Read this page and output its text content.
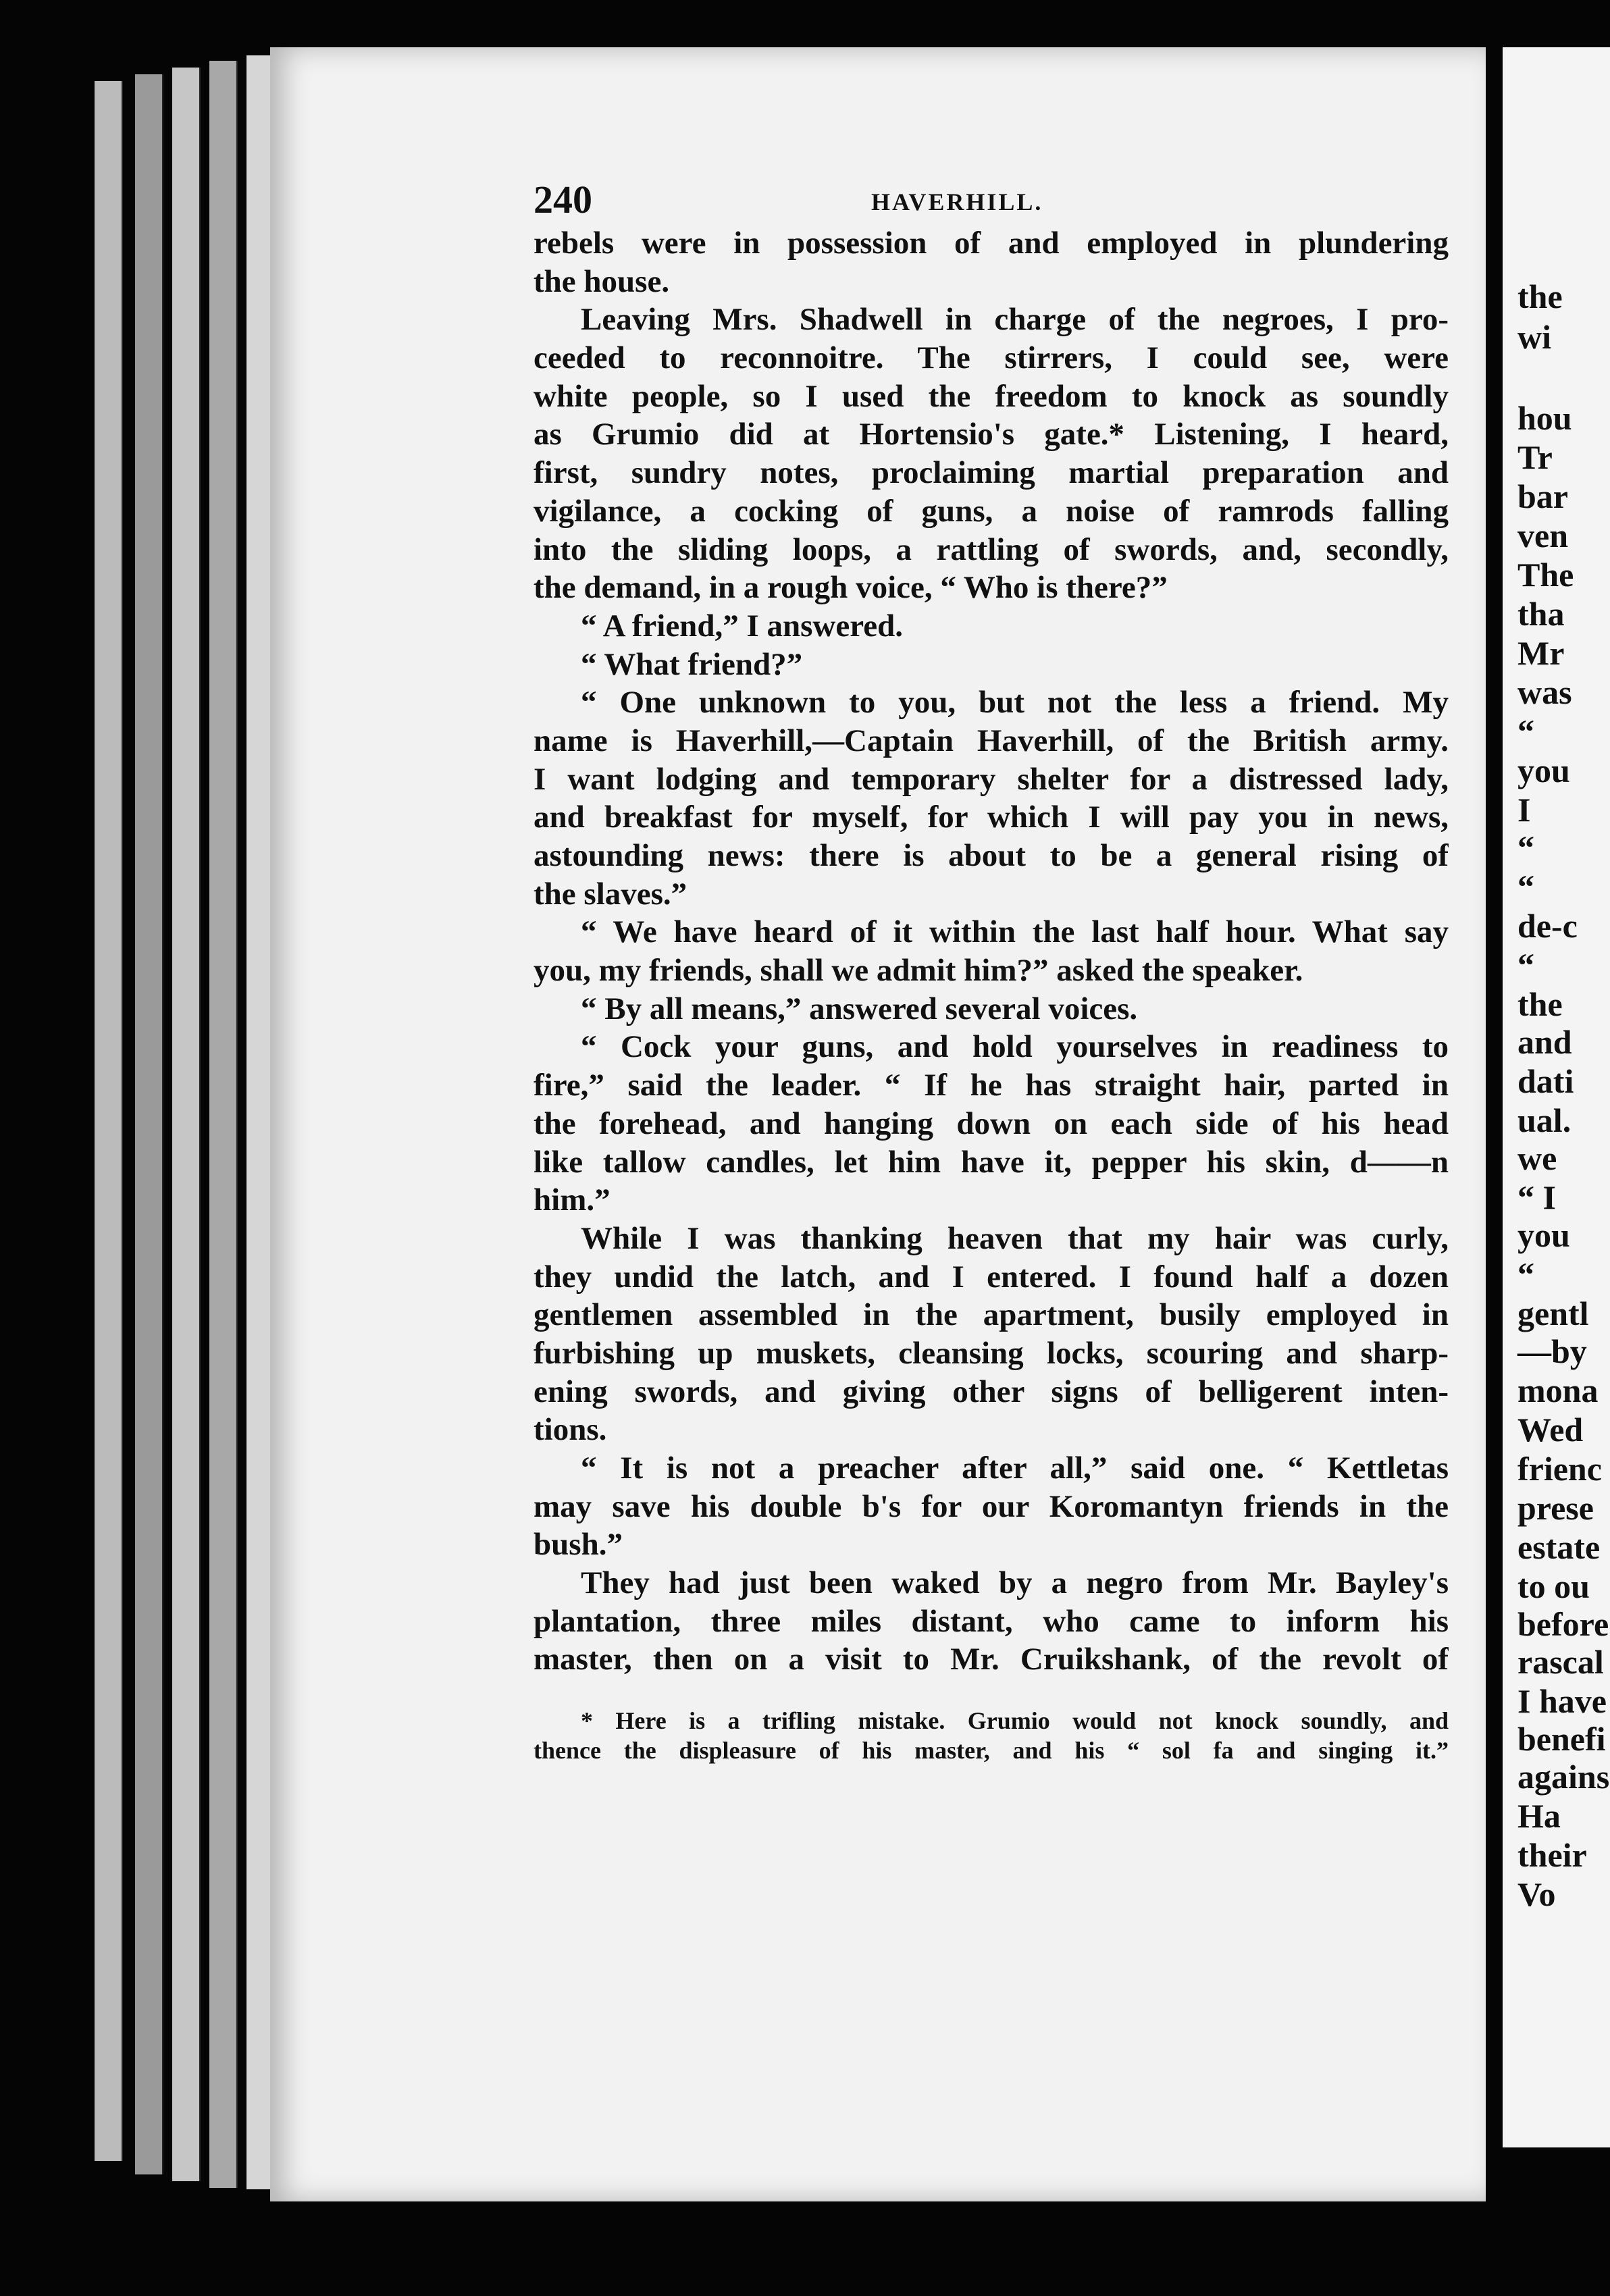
240	HAVERHILL.
rebels were in possession of and employed in plundering
the house.
Leaving Mrs. Shadwell in charge of the negroes, I pro-
ceeded to reconnoitre. The stirrers, I could see, were
white people, so I used the freedom to knock as soundly
as Grumio did at Hortensio's gate.* Listening, I heard,
first, sundry notes, proclaiming martial preparation and
vigilance, a cocking of guns, a noise of ramrods falling
into the sliding loops, a rattling of swords, and, secondly,
the demand, in a rough voice, “ Who is there?”
“ A friend,” I answered.
“ What friend?”
“ One unknown to you, but not the less a friend. My
name is Haverhill,—Captain Haverhill, of the British army.
I want lodging and temporary shelter for a distressed lady,
and breakfast for myself, for which I will pay you in news,
astounding news: there is about to be a general rising of
the slaves.”
“ We have heard of it within the last half hour. What say
you, my friends, shall we admit him?” asked the speaker.
“ By all means,” answered several voices.
“ Cock your guns, and hold yourselves in readiness to
fire,” said the leader. “ If he has straight hair, parted in
the forehead, and hanging down on each side of his head
like tallow candles, let him have it, pepper his skin, d——n
him.”
While I was thanking heaven that my hair was curly,
they undid the latch, and I entered. I found half a dozen
gentlemen assembled in the apartment, busily employed in
furbishing up muskets, cleansing locks, scouring and sharp-
ening swords, and giving other signs of belligerent inten-
tions.
“ It is not a preacher after all,” said one. “ Kettletas
may save his double b's for our Koromantyn friends in the
bush.”
They had just been waked by a negro from Mr. Bayley's
plantation, three miles distant, who came to inform his
master, then on a visit to Mr. Cruikshank, of the revolt of
* Here is a trifling mistake. Grumio would not knock soundly, and
thence the displeasure of his master, and his “ sol fa and singing it.”

the

wi

hou

Tr

bar

ven

The

tha

Mr

was

“

you

I

“

“

de-c

“

the

and

dati

ual.

we

“ I

you

“

gentl

—by

mona

Wed

frienc

prese

estate

to ou

before

rascal

I have

benefi

agains

Ha

their

Vo
